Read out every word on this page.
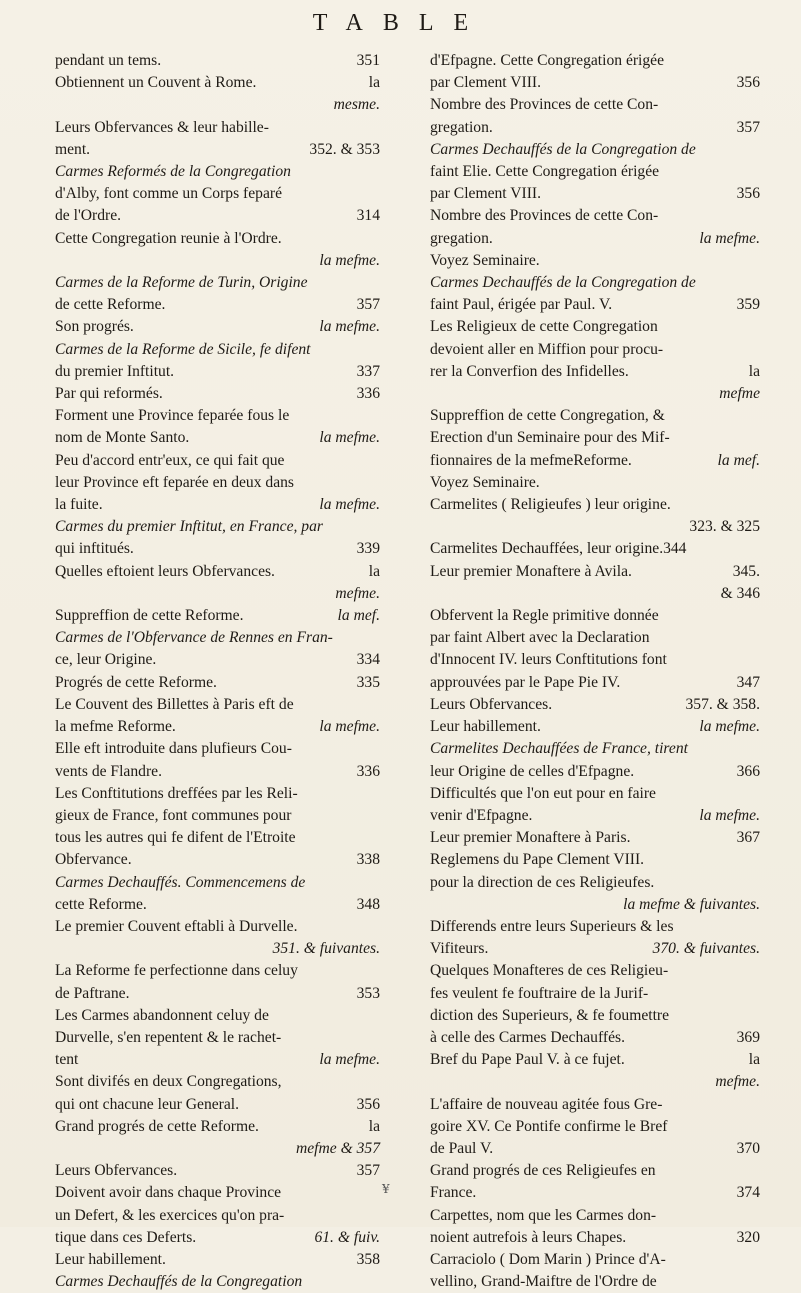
TABLE
pendant un tems.	351
Obtiennent un Couvent à Rome.	la
mesme.
Leurs Obfervances & leur habille-
ment.	352. & 353
Carmes Reformés de la Congregation
d'Alby, font comme un Corps feparé
de l'Ordre.	314
Cette Congregation reunie à l'Ordre.
la mefme.
Carmes de la Reforme de Turin, Origine
de cette Reforme.	357
Son progrés.	la mefme.
Carmes de la Reforme de Sicile, fe difent
du premier Inftitut.	337
Par qui reformés.	336
Forment une Province feparée fous le
nom de Monte Santo.	la mefme.
Peu d'accord entr'eux, ce qui fait que
leur Province eft feparée en deux dans
la fuite.	la mefme.
Carmes du premier Inftitut, en France, par
qui inftitués.	339
Quelles eftoient leurs Obfervances.	la
mefme.
Suppreffion de cette Reforme.	la mef.
Carmes de l'Obfervance de Rennes en Fran-
ce, leur Origine.	334
Progrés de cette Reforme.	335
Le Couvent des Billettes à Paris eft de
la mefme Reforme.	la mefme.
Elle eft introduite dans plufieurs Cou-
vents de Flandre.	336
Les Conftitutions dreffées par les Reli-
gieux de France, font communes pour
tous les autres qui fe difent de l'Etroite
Obfervance.	338
Carmes Dechauffés. Commencemens de
cette Reforme.	348
Le premier Couvent eftabli à Durvelle.
351. & fuivantes.
La Reforme fe perfectionne dans celuy
de Paftrane.	353
Les Carmes abandonnent celuy de
Durvelle, s'en repentent & le rachet-
tent	la mefme.
Sont divifés en deux Congregations,
qui ont chacune leur General.	356
Grand progrés de cette Reforme.	la
mefme & 357
Leurs Obfervances.	357
Doivent avoir dans chaque Province
un Defert, & les exercices qu'on pra-
tique dans ces Deferts.	61. & fuiv.
Leur habillement.	358
Carmes Dechauffés de la Congregation
d'Efpagne. Cette Congregation érigée
par Clement VIII.	356
Nombre des Provinces de cette Con-
gregation.	357
Carmes Dechauffés de la Congregation de
faint Elie. Cette Congregation érigée
par Clement VIII.	356
Nombre des Provinces de cette Con-
gregation.	la mefme.
Voyez Seminaire.
Carmes Dechauffés de la Congregation de
faint Paul, érigée par Paul. V.	359
Les Religieux de cette Congregation
devoient aller en Miffion pour procu-
rer la Converfion des Infidelles.	la
mefme
Suppreffion de cette Congregation, &
Erection d'un Seminaire pour des Mif-
fionnaires de la mefmeReforme.	la mef.
Voyez Seminaire.
Carmelites ( Religieufes ) leur origine.
323. & 325
Carmelites Dechauffées, leur origine.344
Leur premier Monaftere à Avila.	345.
& 346
Obfervent la Regle primitive donnée
par faint Albert avec la Declaration
d'Innocent IV. leurs Conftitutions font
approuvées par le Pape Pie IV.	347
Leurs Obfervances.	357. & 358.
Leur habillement.	la mefme.
Carmelites Dechauffées de France, tirent
leur Origine de celles d'Efpagne.	366
Difficultés que l'on eut pour en faire
venir d'Efpagne.	la mefme.
Leur premier Monaftere à Paris.	367
Reglemens du Pape Clement VIII.
pour la direction de ces Religieufes.
la mefme & fuivantes.
Differends entre leurs Superieurs & les
Vifiteurs.	370. & fuivantes.
Quelques Monafteres de ces Religieu-
fes veulent fe fouftraire de la Jurif-
diction des Superieurs, & fe foumettre
à celle des Carmes Dechauffés.	369
Bref du Pape Paul V. à ce fujet.	la
mefme.
L'affaire de nouveau agitée fous Gre-
goire XV. Ce Pontife confirme le Bref
de Paul V.	370
Grand progrés de ces Religieufes en
France.	374
Carpettes, nom que les Carmes don-
noient autrefois à leurs Chapes.	320
Carraciolo ( Dom Marin ) Prince d'A-
vellino, Grand-Maiftre de l'Ordre de
¥
